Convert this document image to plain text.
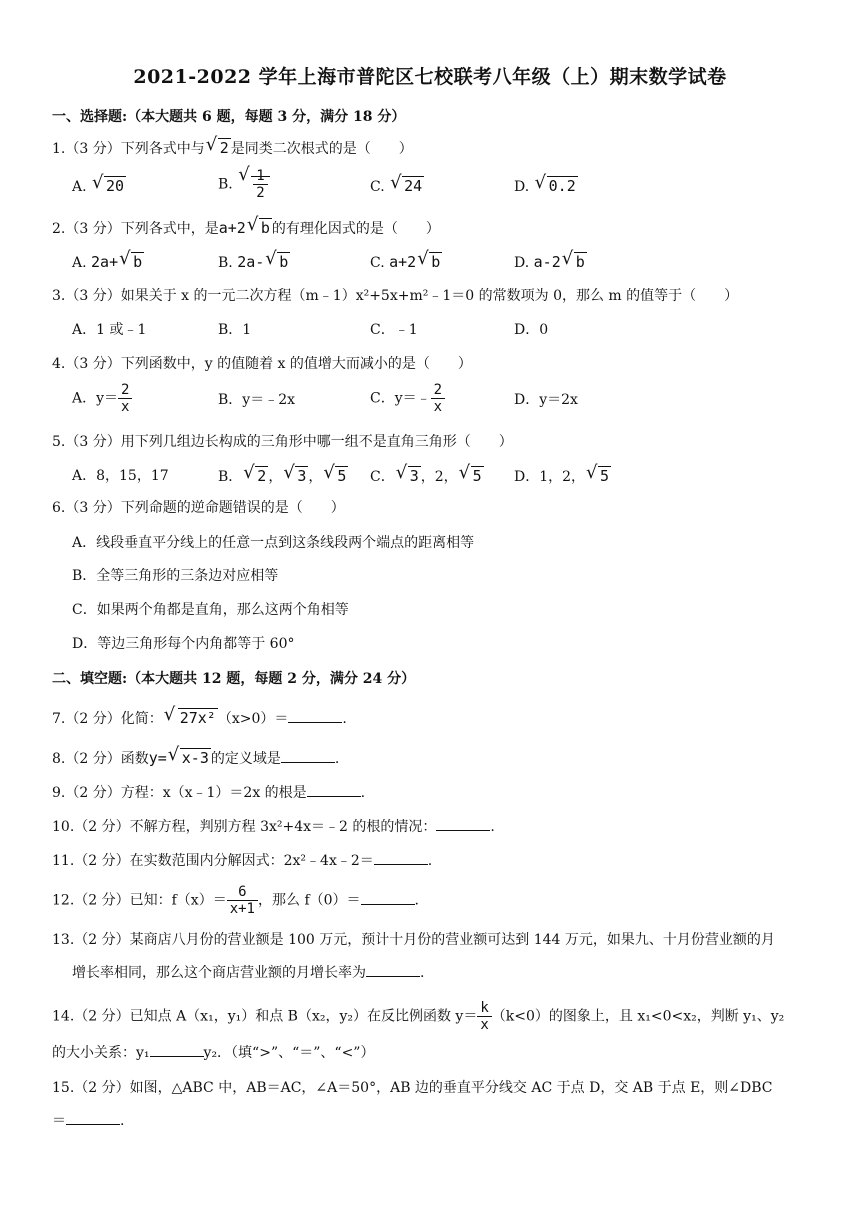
2021-2022 学年上海市普陀区七校联考八年级（上）期末数学试卷
一、选择题:（本大题共 6 题，每题 3 分，满分 18 分）
1.（3 分）下列各式中与 √ 2 是同类二次根式的是（　　）
A. √ 20	B. √ $\frac{1}{2}$	C. √ 24	D. √ 0.2
2.（3 分）下列各式中，是a+2 √ b 的有理化因式的是（　　）
A. 2a+ √ b	B. 2a- √ b	C. a+2 √ b	D. a-2 √ b
3.（3 分）如果关于 x 的一元二次方程（m﹣1）x²+5x+m²﹣1＝0 的常数项为 0，那么 m 的值等于（　　）
A．1 或﹣1	B．1	C．﹣1	D．0
4.（3 分）下列函数中，y 的值随着 x 的值增大而减小的是（　　）
A．$y= \frac{2}{x}$	B．y＝﹣2x	C．y＝﹣ $\frac{2}{x}$	D．y＝2x
5.（3 分）用下列几组边长构成的三角形中哪一组不是直角三角形（　　）
A．8，15，17	B． √ 2 ， √ 3 ， √ 5 C． √ 3 ，2， √ 5 D．1，2， √ 5
6.（3 分）下列命题的逆命题错误的是（　　）
A．线段垂直平分线上的任意一点到这条线段两个端点的距离相等
B．全等三角形的三条边对应相等
C．如果两个角都是直角，那么这两个角相等
D．等边三角形每个内角都等于 60°
二、填空题:（本大题共 12 题，每题 2 分，满分 24 分）
7.（2 分）化简： √ 27x² （x>0）＝	.
8.（2 分）函数y= √ x-3 的定义域是	.
9.（2 分）方程：x（x﹣1）＝2x 的根是	.
10.（2 分）不解方程，判别方程 3x²+4x＝﹣2 的根的情况：	.
11.（2 分）在实数范围内分解因式：2x²﹣4x﹣2＝	.
12.（2 分）已知：$f(x)= \frac{6}{x+1}$ ，那么 f（0）＝	.
13.（2 分）某商店八月份的营业额是 100 万元，预计十月份的营业额可达到 144 万元，如果九、十月份营业额的月
增长率相同，那么这个商店营业额的月增长率为	.
14.（2 分）已知点 A（x₁，y₁）和点 B（x₂，y₂）在反比例函数 $y= \frac{k}{x} (k<0)$的图象上，且 x₁<0<x₂，判断 y₁、y₂
的大小关系：y₁	y₂．（填“>”、“＝”、“<”）
15.（2 分）如图，△ABC 中，AB＝AC，∠A＝50°，AB 边的垂直平分线交 AC 于点 D，交 AB 于点 E，则∠DBC
＝	.
